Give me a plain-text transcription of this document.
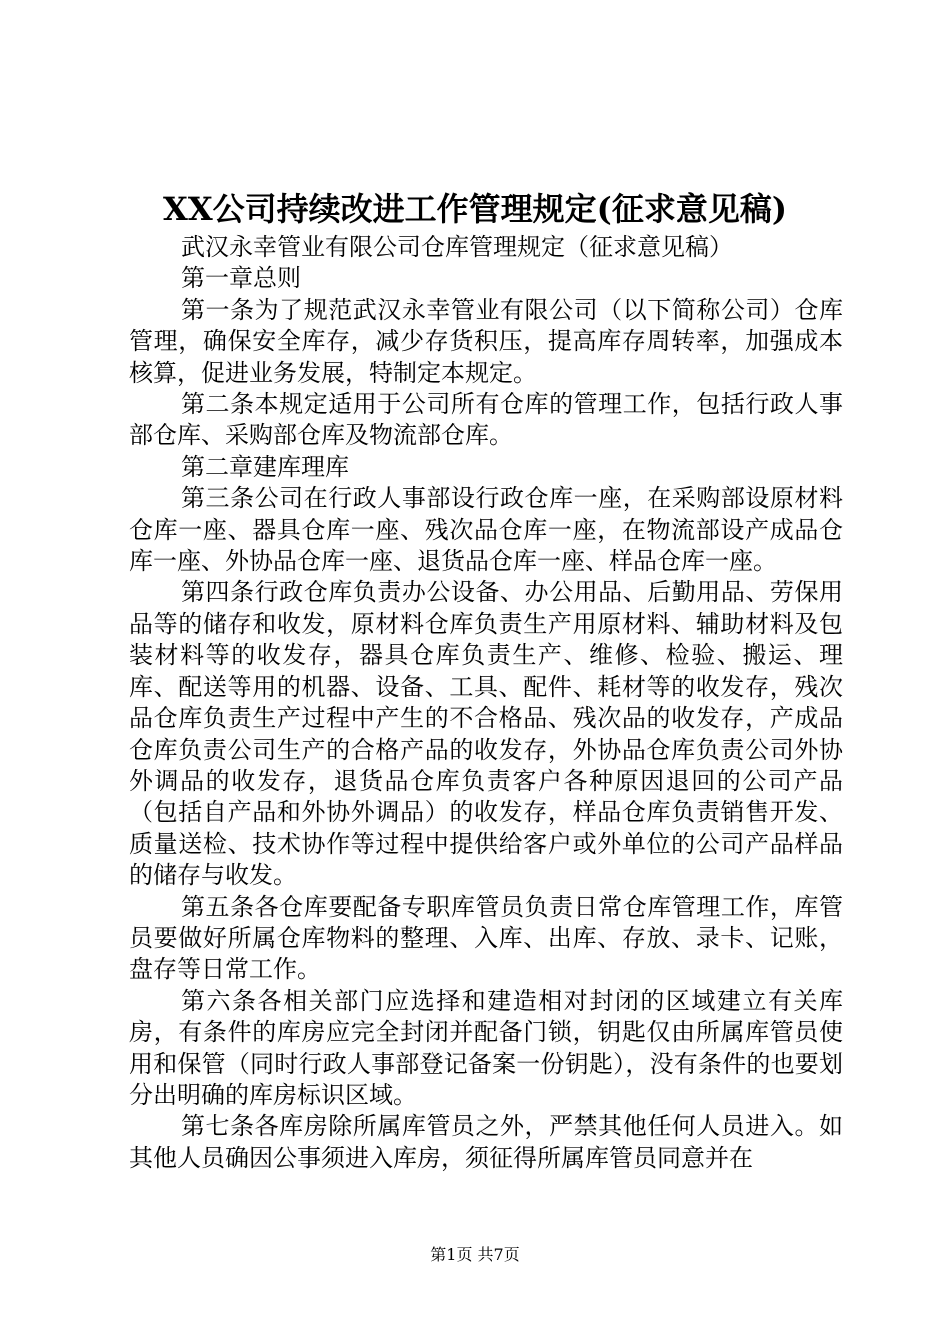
XX公司持续改进工作管理规定(征求意见稿)

武汉永幸管业有限公司仓库管理规定（征求意见稿）

第一章总则

第一条为了规范武汉永幸管业有限公司（以下简称公司）仓库管理，确保安全库存，减少存货积压，提高库存周转率，加强成本核算，促进业务发展，特制定本规定。

第二条本规定适用于公司所有仓库的管理工作，包括行政人事部仓库、采购部仓库及物流部仓库。

第二章建库理库

第三条公司在行政人事部设行政仓库一座，在采购部设原材料仓库一座、器具仓库一座、残次品仓库一座，在物流部设产成品仓库一座、外协品仓库一座、退货品仓库一座、样品仓库一座。

第四条行政仓库负责办公设备、办公用品、后勤用品、劳保用品等的储存和收发，原材料仓库负责生产用原材料、辅助材料及包装材料等的收发存，器具仓库负责生产、维修、检验、搬运、理库、配送等用的机器、设备、工具、配件、耗材等的收发存，残次品仓库负责生产过程中产生的不合格品、残次品的收发存，产成品仓库负责公司生产的合格产品的收发存，外协品仓库负责公司外协外调品的收发存，退货品仓库负责客户各种原因退回的公司产品（包括自产品和外协外调品）的收发存，样品仓库负责销售开发、质量送检、技术协作等过程中提供给客户或外单位的公司产品样品的储存与收发。

第五条各仓库要配备专职库管员负责日常仓库管理工作，库管员要做好所属仓库物料的整理、入库、出库、存放、录卡、记账，盘存等日常工作。

第六条各相关部门应选择和建造相对封闭的区域建立有关库房，有条件的库房应完全封闭并配备门锁，钥匙仅由所属库管员使用和保管（同时行政人事部登记备案一份钥匙），没有条件的也要划分出明确的库房标识区域。

第七条各库房除所属库管员之外，严禁其他任何人员进入。如其他人员确因公事须进入库房，须征得所属库管员同意并在

第1页 共7页
